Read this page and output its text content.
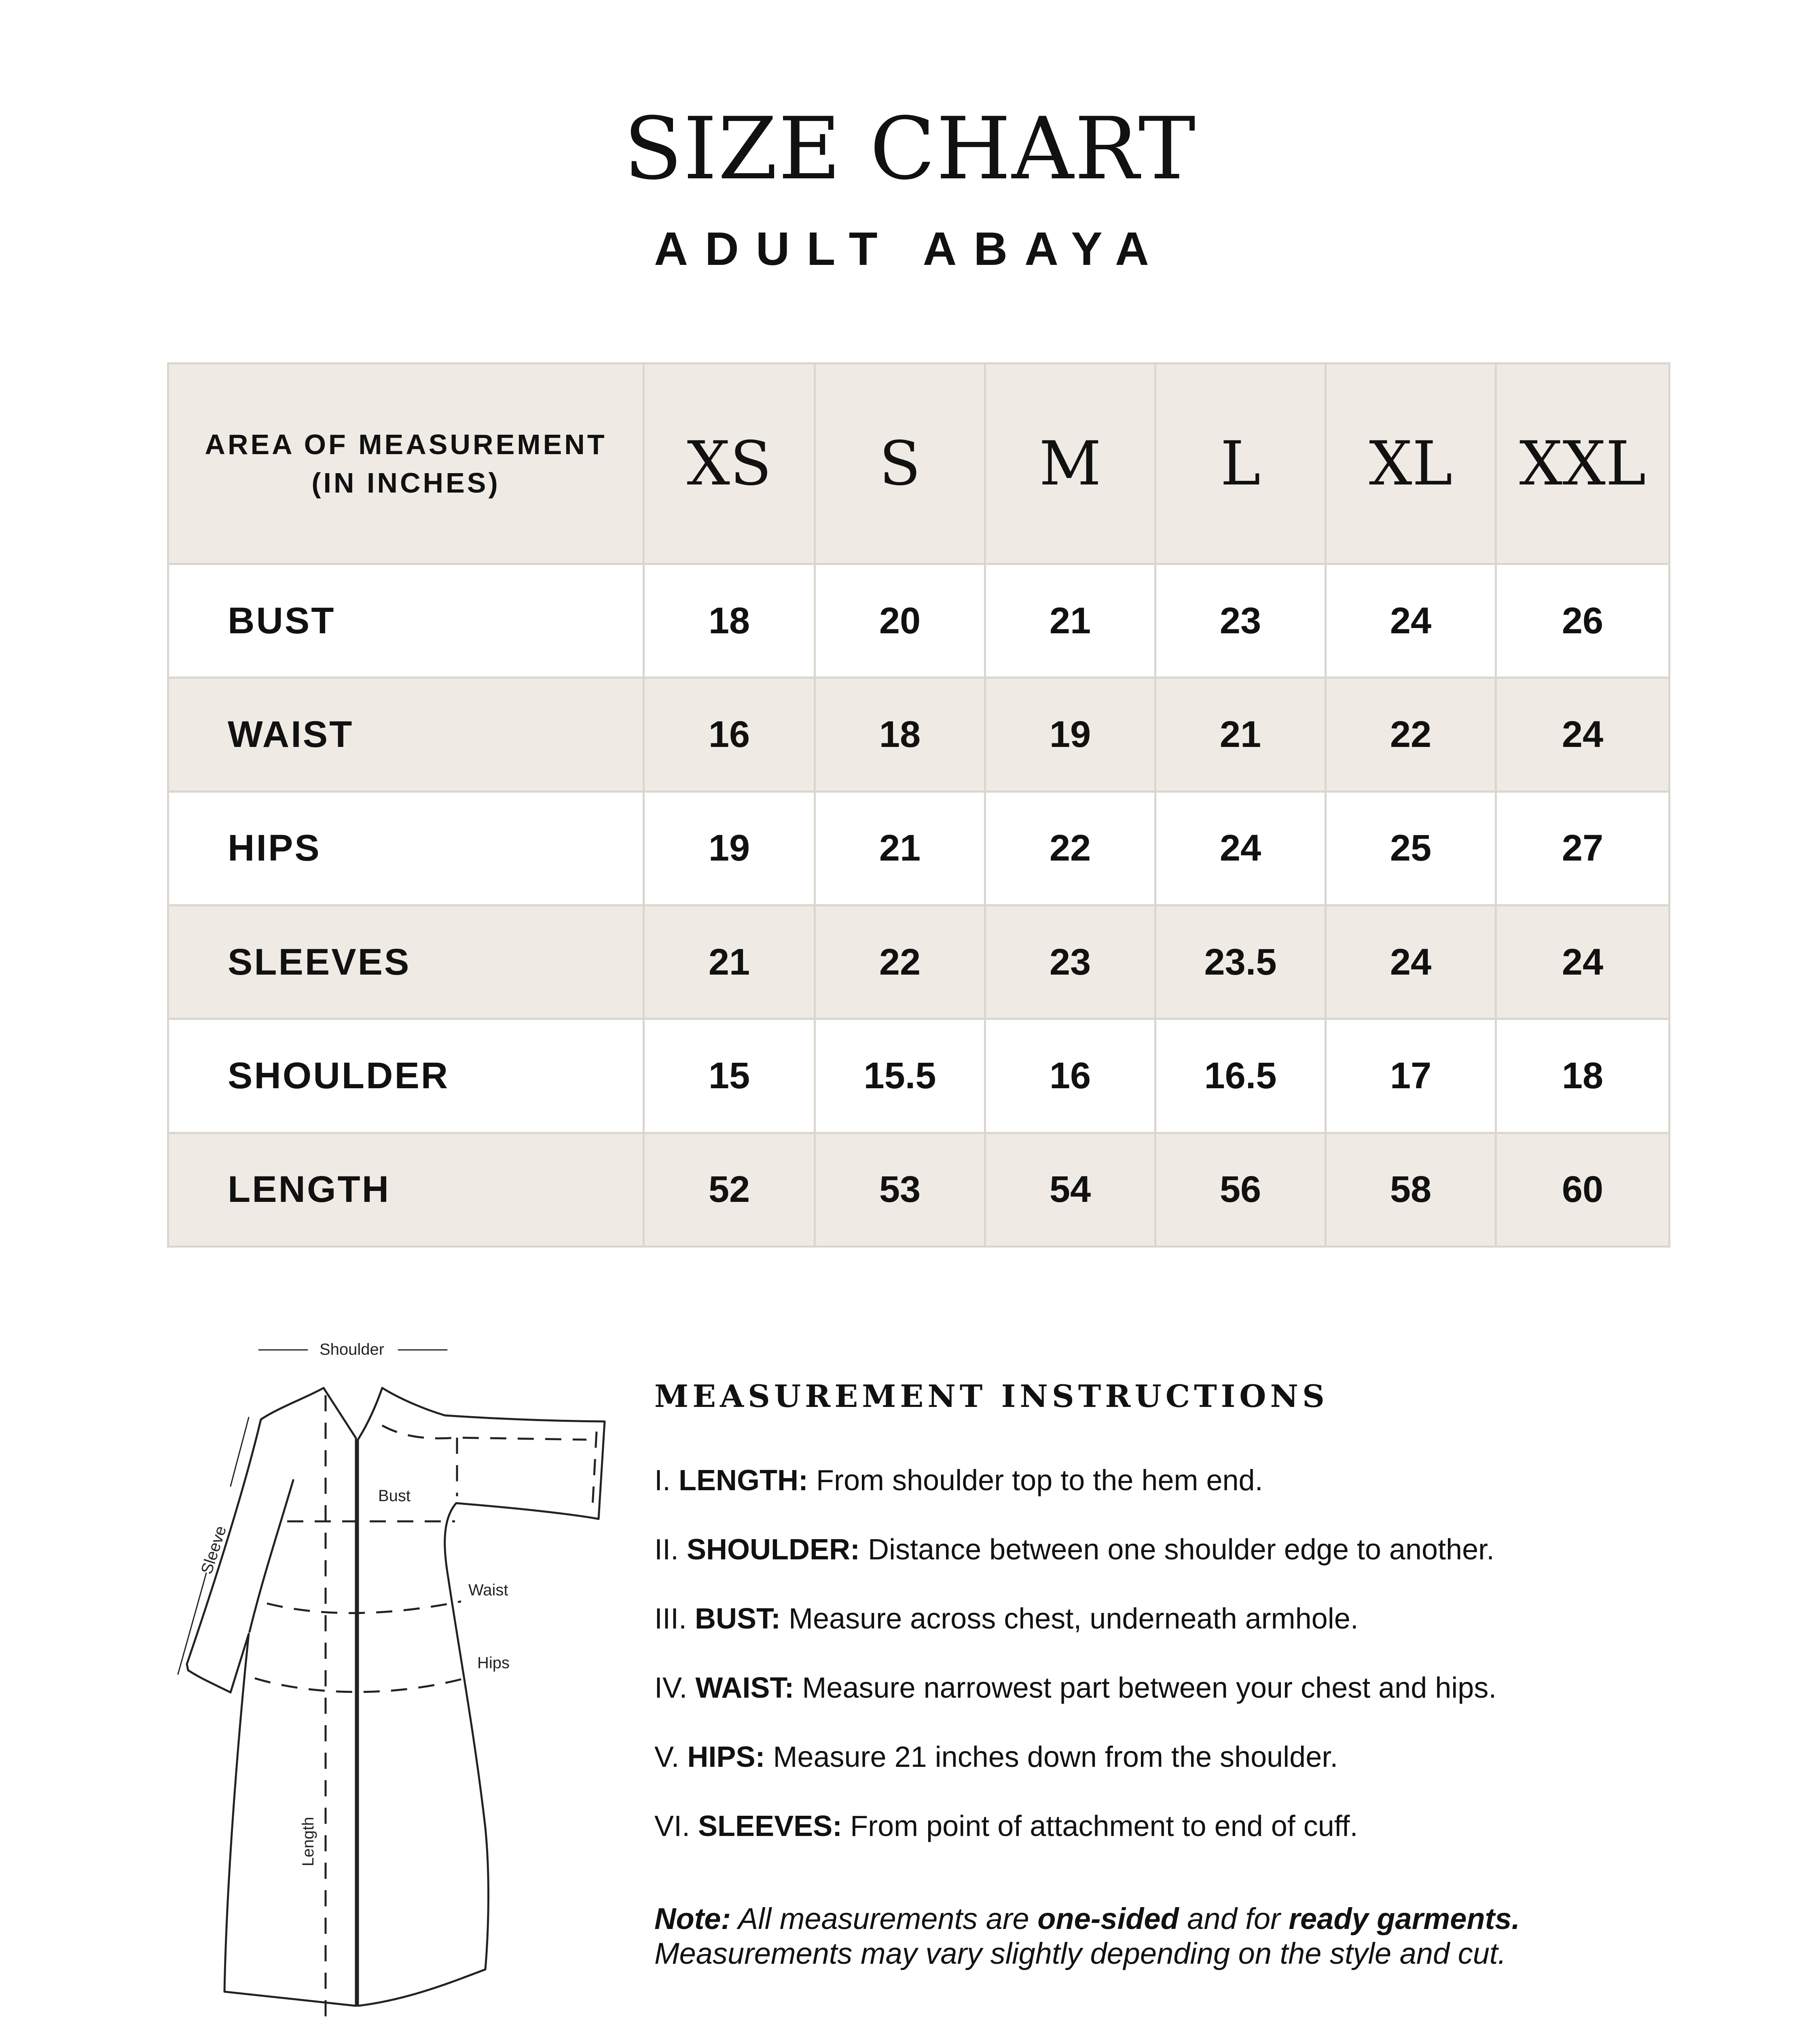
SIZE CHART
ADULT ABAYA
AREA OF MEASUREMENT
(IN INCHES)	XS	S	M	L	XL	XXL
BUST	18	20	21	23	24	26
WAIST	16	18	19	21	22	24
HIPS	19	21	22	24	25	27
SLEEVES	21	22	23	23.5	24	24
SHOULDER	15	15.5	16	16.5	17	18
LENGTH	52	53	54	56	58	60
Shoulder
Bust
Waist
Hips
Sleeve
Length
MEASUREMENT INSTRUCTIONS
I. LENGTH: From shoulder top to the hem end.
II. SHOULDER: Distance between one shoulder edge to another.
III. BUST: Measure across chest, underneath armhole.
IV. WAIST: Measure narrowest part between your chest and hips.
V. HIPS: Measure 21 inches down from the shoulder.
VI. SLEEVES: From point of attachment to end of cuff.
Note: All measurements are one-sided and for ready garments.
Measurements may vary slightly depending on the style and cut.
